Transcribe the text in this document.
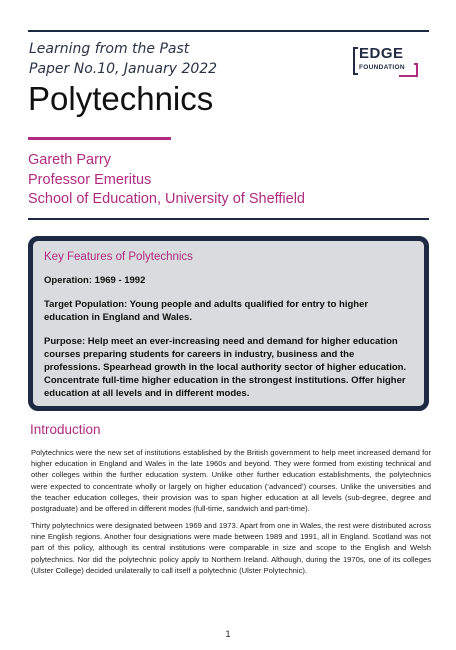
Learning from the Past
Paper No.10, January 2022
EDGE
FOUNDATION
Polytechnics
Gareth Parry
Professor Emeritus
School of Education, University of Sheffield
Key Features of Polytechnics

Operation: 1969 - 1992

Target Population: Young people and adults qualified for entry to higher education in England and Wales.

Purpose: Help meet an ever-increasing need and demand for higher education courses preparing students for careers in industry, business and the professions. Spearhead growth in the local authority sector of higher education. Concentrate full-time higher education in the strongest institutions. Offer higher education at all levels and in different modes.

Introduction
Polytechnics were the new set of institutions established by the British government to help meet increased demand for higher education in England and Wales in the late 1960s and beyond. They were formed from existing technical and other colleges within the further education system. Unlike other further education establishments, the polytechnics were expected to concentrate wholly or largely on higher education (‘advanced’) courses. Unlike the universities and the teacher education colleges, their provision was to span higher education at all levels (sub-degree, degree and postgraduate) and be offered in different modes (full-time, sandwich and part-time).
Thirty polytechnics were designated between 1969 and 1973. Apart from one in Wales, the rest were distributed across nine English regions. Another four designations were made between 1989 and 1991, all in England. Scotland was not part of this policy, although its central institutions were comparable in size and scope to the English and Welsh polytechnics. Nor did the polytechnic policy apply to Northern Ireland. Although, during the 1970s, one of its colleges (Ulster College) decided unilaterally to call itself a polytechnic (Ulster Polytechnic).
1
